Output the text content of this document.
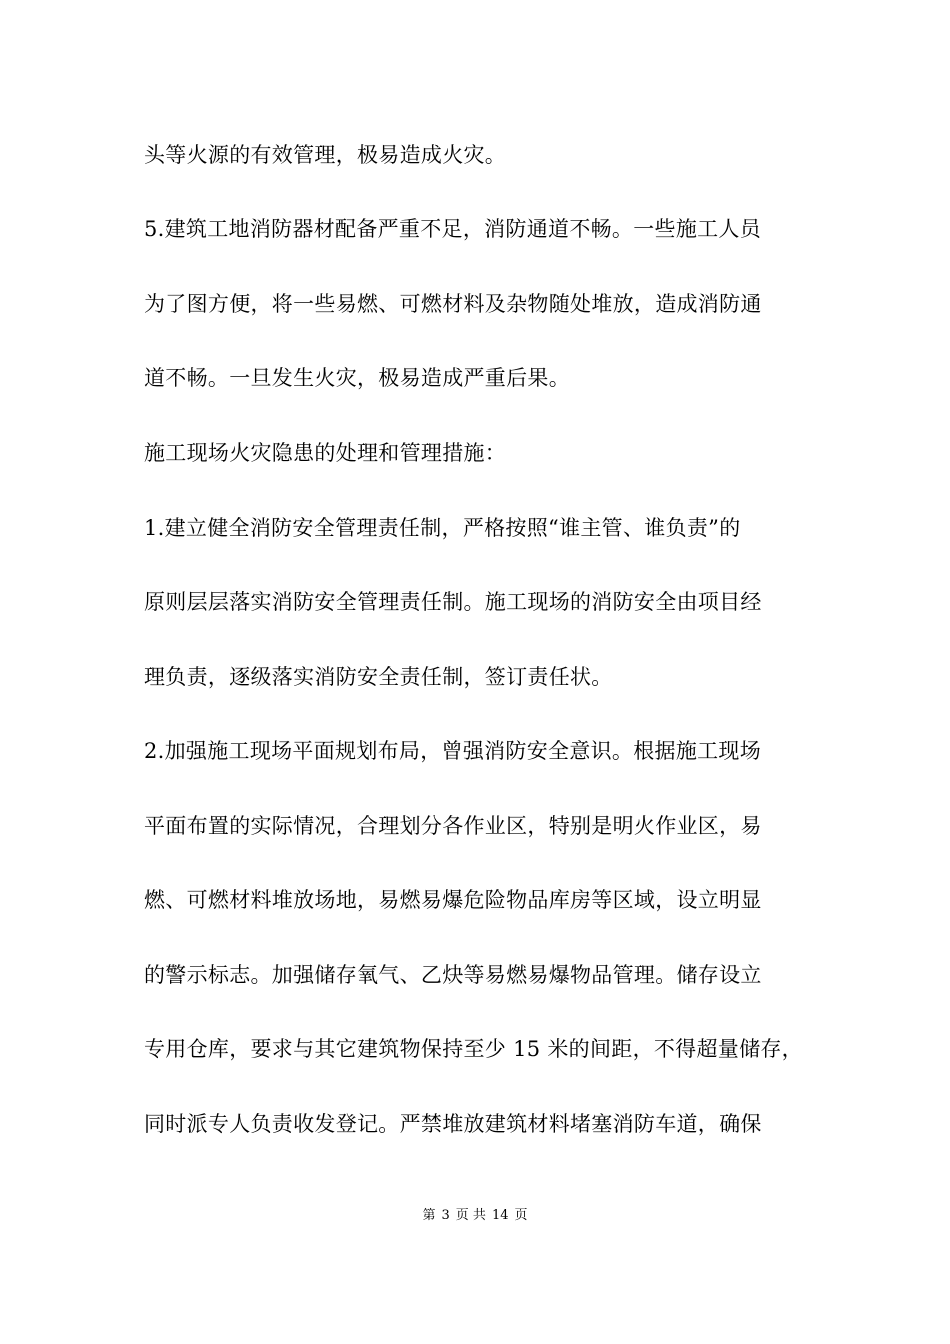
头等火源的有效管理，极易造成火灾。
5.建筑工地消防器材配备严重不足，消防通道不畅。一些施工人员
为了图方便，将一些易燃、可燃材料及杂物随处堆放，造成消防通
道不畅。一旦发生火灾，极易造成严重后果。
施工现场火灾隐患的处理和管理措施：
1.建立健全消防安全管理责任制，严格按照“谁主管、谁负责”的
原则层层落实消防安全管理责任制。施工现场的消防安全由项目经
理负责，逐级落实消防安全责任制，签订责任状。
2.加强施工现场平面规划布局，曾强消防安全意识。根据施工现场
平面布置的实际情况，合理划分各作业区，特别是明火作业区，易
燃、可燃材料堆放场地，易燃易爆危险物品库房等区域，设立明显
的警示标志。加强储存氧气、乙炔等易燃易爆物品管理。储存设立
专用仓库，要求与其它建筑物保持至少 15 米的间距，不得超量储存，
同时派专人负责收发登记。严禁堆放建筑材料堵塞消防车道，确保
第 3 页 共 14 页
